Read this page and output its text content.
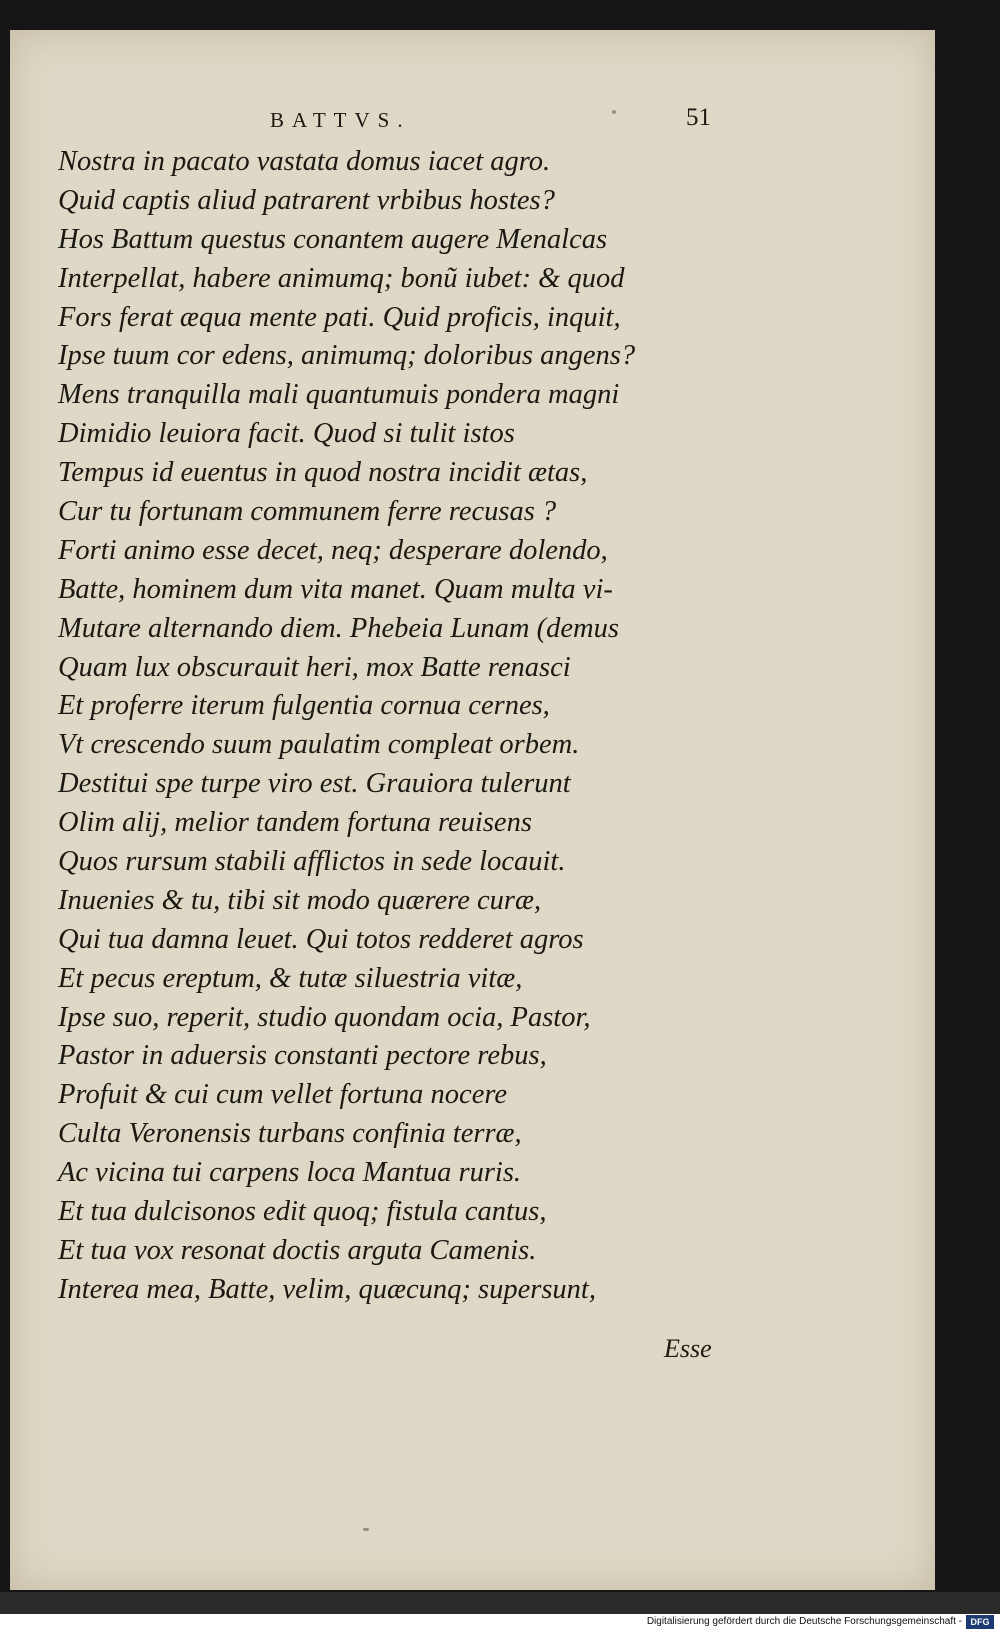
BATTVS.	51
Nostra in pacato vastata domus iacet agro.
Quid captis aliud patrarent vrbibus hostes?
Hos Battum questus conantem augere Menalcas
Interpellat, habere animumq; bonũ iubet: & quod
Fors ferat æqua mente pati. Quid proficis, inquit,
Ipse tuum cor edens, animumq; doloribus angens?
Mens tranquilla mali quantumuis pondera magni
Dimidio leuiora facit. Quod si tulit istos
Tempus id euentus in quod nostra incidit ætas,
Cur tu fortunam communem ferre recusas ?
Forti animo esse decet, neq; desperare dolendo,
Batte, hominem dum vita manet. Quam multa vi-
Mutare alternando diem. Phebeia Lunam (demus
Quam lux obscurauit heri, mox Batte renasci
Et proferre iterum fulgentia cornua cernes,
Vt crescendo suum paulatim compleat orbem.
Destitui spe turpe viro est. Grauiora tulerunt
Olim alij, melior tandem fortuna reuisens
Quos rursum stabili afflictos in sede locauit.
Inuenies & tu, tibi sit modo quærere curæ,
Qui tua damna leuet. Qui totos redderet agros
Et pecus ereptum, & tutæ siluestria vitæ,
Ipse suo, reperit, studio quondam ocia, Pastor,
Pastor in aduersis constanti pectore rebus,
Profuit & cui cum vellet fortuna nocere
Culta Veronensis turbans confinia terræ,
Ac vicina tui carpens loca Mantua ruris.
Et tua dulcisonos edit quoq; fistula cantus,
Et tua vox resonat doctis arguta Camenis.
Interea mea, Batte, velim, quæcunq; supersunt,
Esse
Digitalisierung gefördert durch die Deutsche Forschungsgemeinschaft - DFG
